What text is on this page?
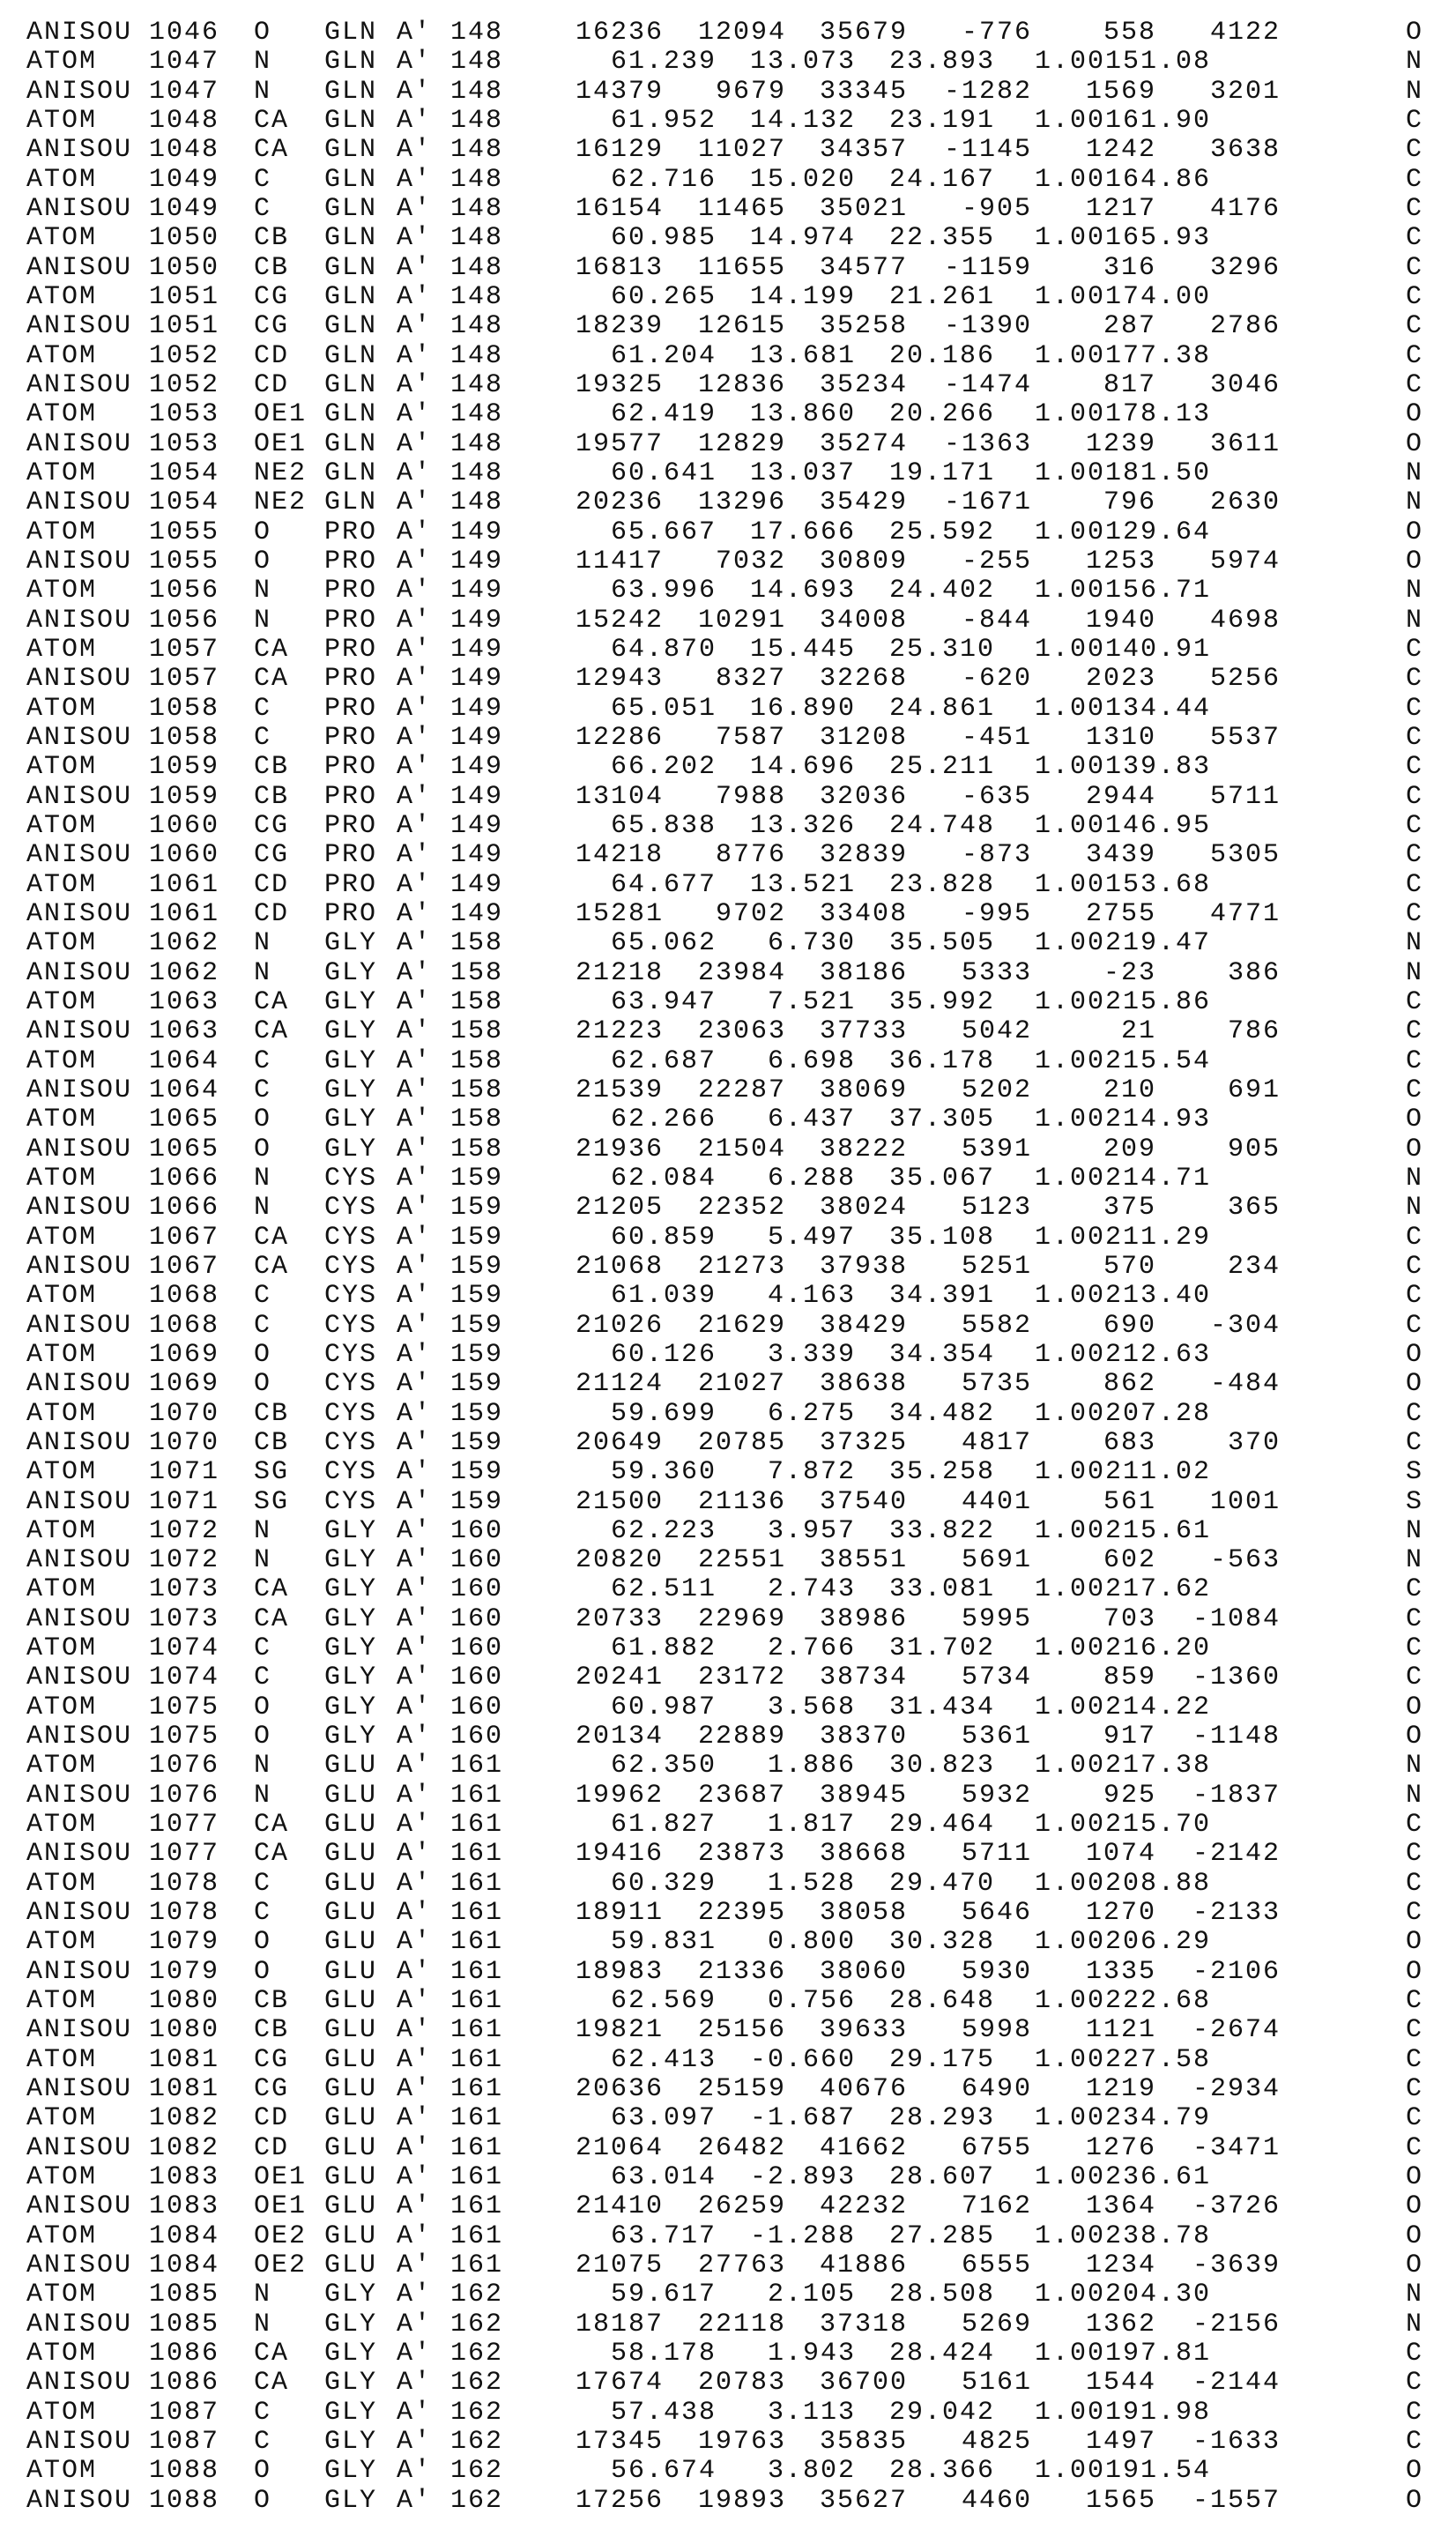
ANISOU	148
O GLN A'
1046	16236 12094 35679 -776	558 4122	O
ATOM	148
N GLN A'
1047	61.239 13.073 23.893 1.00151.08	N
ANISOU	148
N GLN A'
1047	14379 9679 33345 -1282 1569 3201	N
ATOM	148
CA GLN A'
1048	61.952 14.132 23.191 1.00161.90	C
ANISOU	148
CA GLN A'
1048	16129 11027 34357 -1145 1242 3638	C
ATOM	148
C GLN A'
1049	62.716 15.020 24.167 1.00164.86	C
ANISOU	148
C GLN A'
1049	16154 11465 35021 -905 1217 4176	C
ATOM	148
CB GLN A'
1050	60.985 14.974 22.355 1.00165.93	C
ANISOU	148
CB GLN A'
1050	16813 11655 34577 -1159	316 3296	C
ATOM	148
CG GLN A'
1051	60.265 14.199 21.261 1.00174.00	C
ANISOU	148
CG GLN A'
1051	18239 12615 35258 -1390	287 2786	C
ATOM	148
CD GLN A'
1052	61.204 13.681 20.186 1.00177.38	C
ANISOU	148
CD GLN A'
1052	19325 12836 35234 -1474	817 3046	C
ATOM	148
OE1 GLN A'
1053	62.419 13.860 20.266 1.00178.13	O
ANISOU	148
OE1 GLN A'
1053	19577 12829 35274 -1363 1239 3611	O
ATOM	148
NE2 GLN A'
1054	60.641 13.037 19.171 1.00181.50	N
ANISOU	148
NE2 GLN A'
1054	20236 13296 35429 -1671	796 2630	N
ATOM	149
O PRO A'
1055	65.667 17.666 25.592 1.00129.64	O
ANISOU	149
O PRO A'
1055	11417 7032 30809 -255 1253 5974	O
ATOM	149
N PRO A'
1056	63.996 14.693 24.402 1.00156.71	N
ANISOU	149
N PRO A'
1056	15242 10291 34008 -844 1940 4698	N
ATOM	149
CA PRO A'
1057	64.870 15.445 25.310 1.00140.91	C
ANISOU	149
CA PRO A'
1057	12943 8327 32268 -620 2023 5256	C
ATOM	149
C PRO A'
1058	65.051 16.890 24.861 1.00134.44	C
ANISOU	149
C PRO A'
1058	12286 7587 31208 -451 1310 5537	C
ATOM	149
CB PRO A'
1059	66.202 14.696 25.211 1.00139.83	C
ANISOU	149
CB PRO A'
1059	13104 7988 32036 -635 2944 5711	C
ATOM	149
CG PRO A'
1060	65.838 13.326 24.748 1.00146.95	C
ANISOU	149
CG PRO A'
1060	14218 8776 32839 -873 3439 5305	C
ATOM	149
CD PRO A'
1061	64.677 13.521 23.828 1.00153.68	C
ANISOU	149
CD PRO A'
1061	15281 9702 33408 -995 2755 4771	C
ATOM	158
N GLY A'
1062	65.062 6.730 35.505 1.00219.47	N
ANISOU	158
N GLY A'
1062	21218 23984 38186 5333	-23	386	N
ATOM	158
CA GLY A'
1063	63.947 7.521 35.992 1.00215.86	C
ANISOU	158
CA GLY A'
1063	21223 23063 37733 5042	21	786	C
ATOM	158
C GLY A'
1064	62.687 6.698 36.178 1.00215.54	C
ANISOU	158
C GLY A'
1064	21539 22287 38069 5202	210	691	C
ATOM	158
O GLY A'
1065	62.266 6.437 37.305 1.00214.93	O
ANISOU	158
O GLY A'
1065	21936 21504 38222 5391	209	905	O
ATOM	159
N CYS A'
1066	62.084 6.288 35.067 1.00214.71	N
ANISOU	159
N CYS A'
1066	21205 22352 38024 5123	375	365	N
ATOM	159
CA CYS A'
1067	60.859 5.497 35.108 1.00211.29	C
ANISOU	159
CA CYS A'
1067	21068 21273 37938 5251	570	234	C
ATOM	159
C CYS A'
1068	61.039 4.163 34.391 1.00213.40	C
ANISOU	159
C CYS A'
1068	21026 21629 38429 5582	690 -304	C
ATOM	159
O CYS A'
1069	60.126 3.339 34.354 1.00212.63	O
ANISOU	159
O CYS A'
1069	21124 21027 38638 5735	862 -484	O
ATOM	159
CB CYS A'
1070	59.699 6.275 34.482 1.00207.28	C
ANISOU	159
CB CYS A'
1070	20649 20785 37325 4817	683	370	C
ATOM	159
SG CYS A'
1071	59.360 7.872 35.258 1.00211.02	S
ANISOU	159
SG CYS A'
1071	21500 21136 37540 4401	561 1001	S
ATOM	160
N GLY A'
1072	62.223 3.957 33.822 1.00215.61	N
ANISOU	160
N GLY A'
1072	20820 22551 38551 5691	602 -563	N
ATOM	160
CA GLY A'
1073	62.511 2.743 33.081 1.00217.62	C
ANISOU	160
CA GLY A'
1073	20733 22969 38986 5995	703 -1084	C
ATOM	160
C GLY A'
1074	61.882 2.766 31.702 1.00216.20	C
ANISOU	160
C GLY A'
1074	20241 23172 38734 5734	859 -1360	C
ATOM	160
O GLY A'
1075	60.987 3.568 31.434 1.00214.22	O
ANISOU	160
O GLY A'
1075	20134 22889 38370 5361	917 -1148	O
ATOM	161
N GLU A'
1076	62.350 1.886 30.823 1.00217.38	N
ANISOU	161
N GLU A'
1076	19962 23687 38945 5932	925 -1837	N
ATOM	161
CA GLU A'
1077	61.827 1.817 29.464 1.00215.70	C
ANISOU	161
CA GLU A'
1077	19416 23873 38668 5711 1074 -2142	C
ATOM	161
C GLU A'
1078	60.329 1.528 29.470 1.00208.88	C
ANISOU	161
C GLU A'
1078	18911 22395 38058 5646 1270 -2133	C
ATOM	161
O GLU A'
1079	59.831 0.800 30.328 1.00206.29	O
ANISOU	161
O GLU A'
1079	18983 21336 38060 5930 1335 -2106	O
ATOM	161
CB GLU A'
1080	62.569 0.756 28.648 1.00222.68	C
ANISOU	161
CB GLU A'
1080	19821 25156 39633 5998 1121 -2674	C
ATOM	161
CG GLU A'
1081	62.413 -0.660 29.175 1.00227.58	C
ANISOU	161
CG GLU A'
1081	20636 25159 40676 6490 1219 -2934	C
ATOM	161
CD GLU A'
1082	63.097 -1.687 28.293 1.00234.79	C
ANISOU	161
CD GLU A'
1082	21064 26482 41662 6755 1276 -3471	C
ATOM	161
OE1 GLU A'
1083	63.014 -2.893 28.607 1.00236.61	O
ANISOU	161
OE1 GLU A'
1083	21410 26259 42232 7162 1364 -3726	O
ATOM	161
OE2 GLU A'
1084	63.717 -1.288 27.285 1.00238.78	O
ANISOU	161
OE2 GLU A'
1084	21075 27763 41886 6555 1234 -3639	O
ATOM	162
N GLY A'
1085	59.617 2.105 28.508 1.00204.30	N
ANISOU	162
N GLY A'
1085	18187 22118 37318 5269 1362 -2156	N
ATOM	162
CA GLY A'
1086	58.178 1.943 28.424 1.00197.81	C
ANISOU	162
CA GLY A'
1086	17674 20783 36700 5161 1544 -2144	C
ATOM	162
C GLY A'
1087	57.438 3.113 29.042 1.00191.98	C
ANISOU	162
C GLY A'
1087	17345 19763 35835 4825 1497 -1633	C
ATOM	162
O GLY A'
1088	56.674 3.802 28.366 1.00191.54	O
ANISOU	162
O GLY A'
1088	17256 19893 35627 4460 1565 -1557	O
